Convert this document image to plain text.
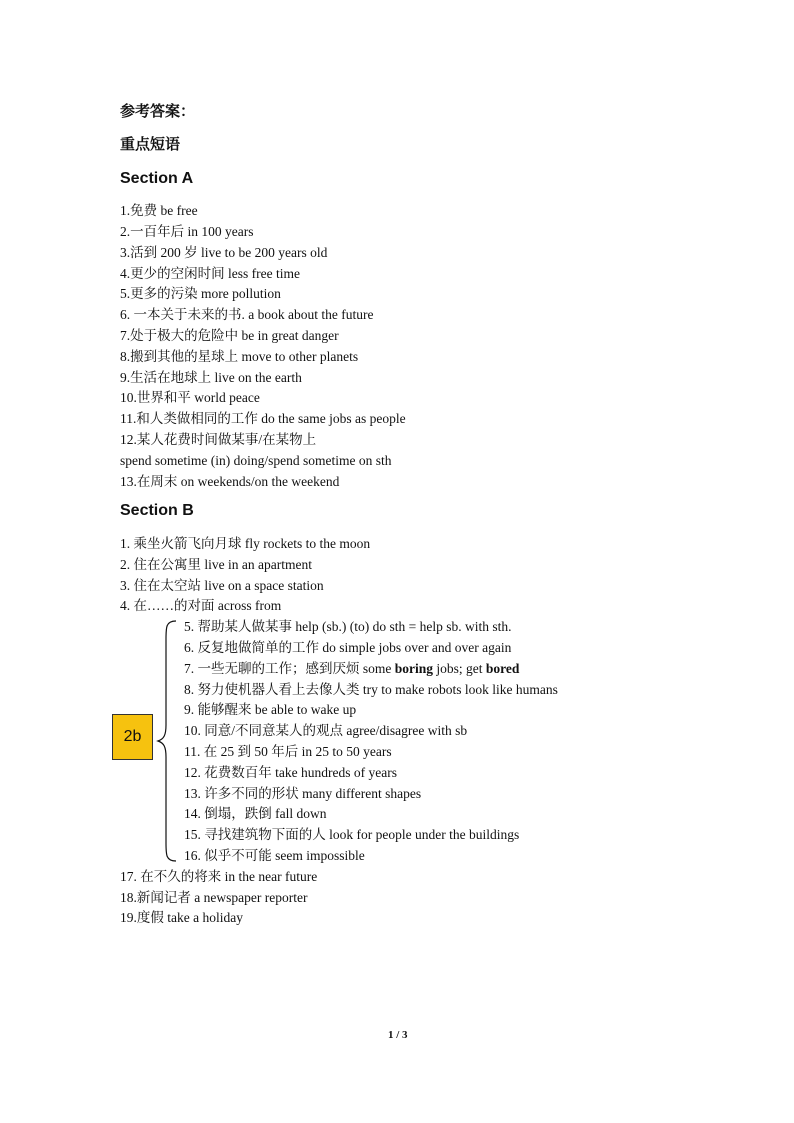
参考答案：
重点短语
Section A
1.免费 be free
2.一百年后 in 100 years
3.活到 200 岁 live to be 200 years old
4.更少的空闲时间 less free time
5.更多的污染 more pollution
6. 一本关于未来的书. a book about the future
7.处于极大的危险中 be in great danger
8.搬到其他的星球上 move to other planets
9.生活在地球上 live on the earth
10.世界和平 world peace
11.和人类做相同的工作 do the same jobs as people
12.某人花费时间做某事/在某物上
spend sometime (in) doing/spend sometime on sth
13.在周末 on weekends/on the weekend
Section B
1. 乘坐火箭飞向月球 fly rockets to the moon
2. 住在公寓里 live in an apartment
3. 住在太空站 live on a space station
4. 在……的对面 across from
2b
5. 帮助某人做某事 help (sb.) (to) do sth = help sb. with sth.
6. 反复地做简单的工作 do simple jobs over and over again
7. 一些无聊的工作；感到厌烦 some boring jobs; get bored
8. 努力使机器人看上去像人类 try to make robots look like humans
9. 能够醒来 be able to wake up
10. 同意/不同意某人的观点 agree/disagree with sb
11. 在 25 到 50 年后 in 25 to 50 years
12. 花费数百年 take hundreds of years
13. 许多不同的形状 many different shapes
14. 倒塌，跌倒 fall down
15. 寻找建筑物下面的人 look for people under the buildings
16. 似乎不可能 seem impossible
17. 在不久的将来 in the near future
18.新闻记者 a newspaper reporter
19.度假 take a holiday
1 / 3
